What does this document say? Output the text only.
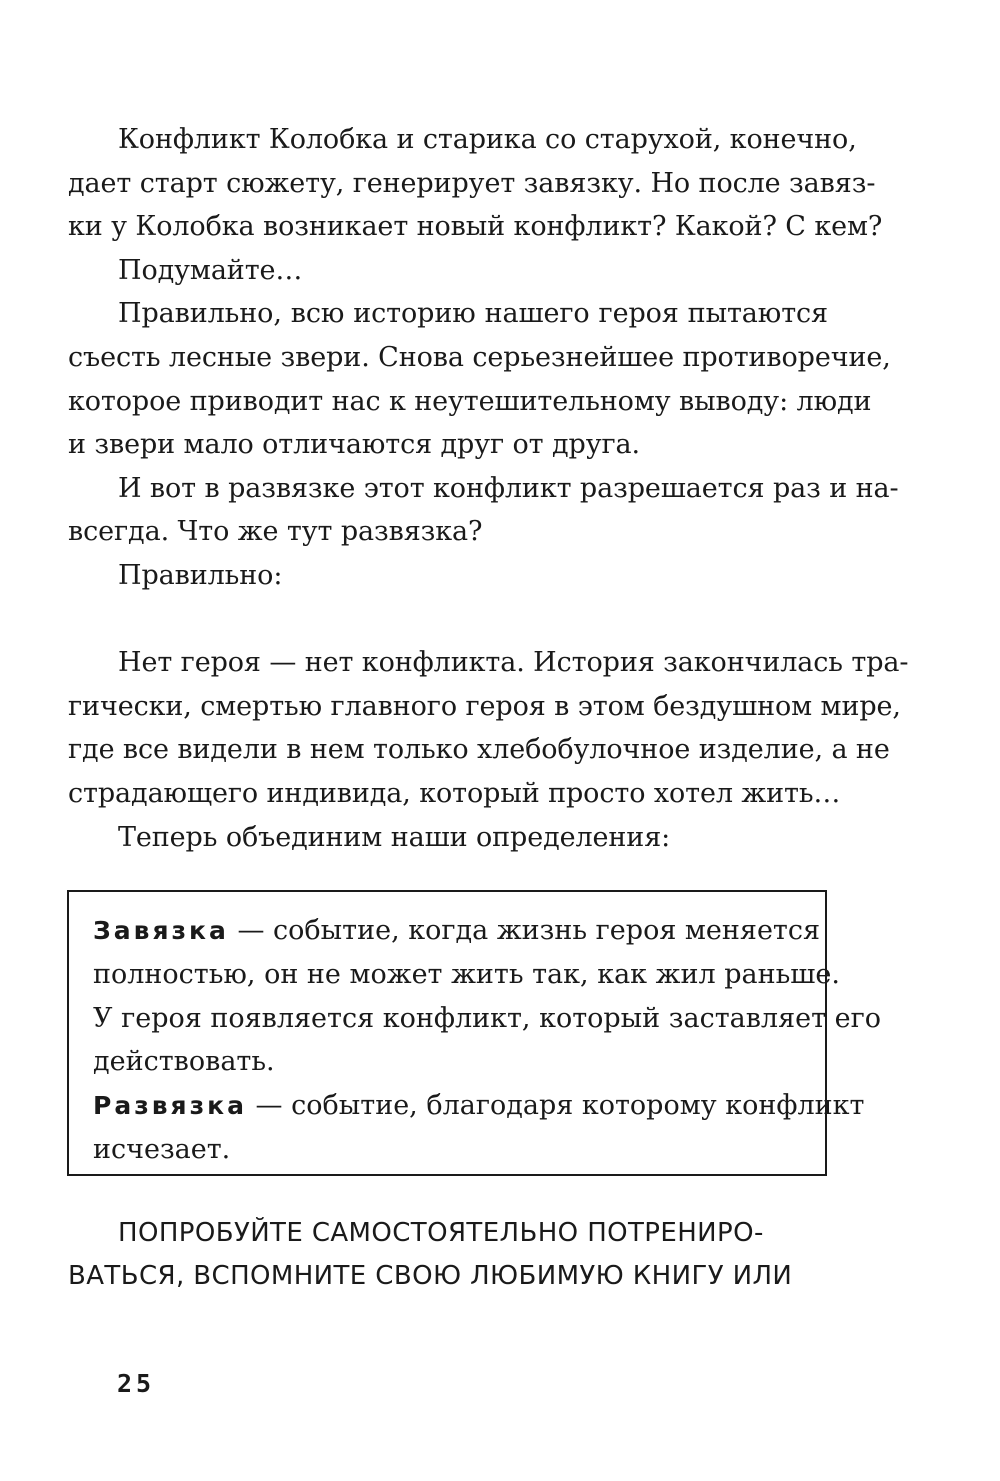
Конфликт Колобка и старика со старухой, конечно,
дает старт сюжету, генерирует завязку. Но после завяз-
ки у Колобка возникает новый конфликт? Какой? С кем?
Подумайте…
Правильно, всю историю нашего героя пытаются
съесть лесные звери. Снова серьезнейшее противоречие,
которое приводит нас к неутешительному выводу: люди
и звери мало отличаются друг от друга.
И вот в развязке этот конфликт разрешается раз и на-
всегда. Что же тут развязка?
Правильно:
Нет героя — нет конфликта. История закончилась тра-
гически, смертью главного героя в этом бездушном мире,
где все видели в нем только хлебобулочное изделие, а не
страдающего индивида, который просто хотел жить…
Теперь объединим наши определения:
Завязка — событие, когда жизнь героя меняется
полностью, он не может жить так, как жил раньше.
У героя появляется конфликт, который заставляет его
действовать.
Развязка — событие, благодаря которому конфликт
исчезает.
ПОПРОБУЙТЕ САМОСТОЯТЕЛЬНО ПОТРЕНИРО-
ВАТЬСЯ, ВСПОМНИТЕ СВОЮ ЛЮБИМУЮ КНИГУ ИЛИ
25
